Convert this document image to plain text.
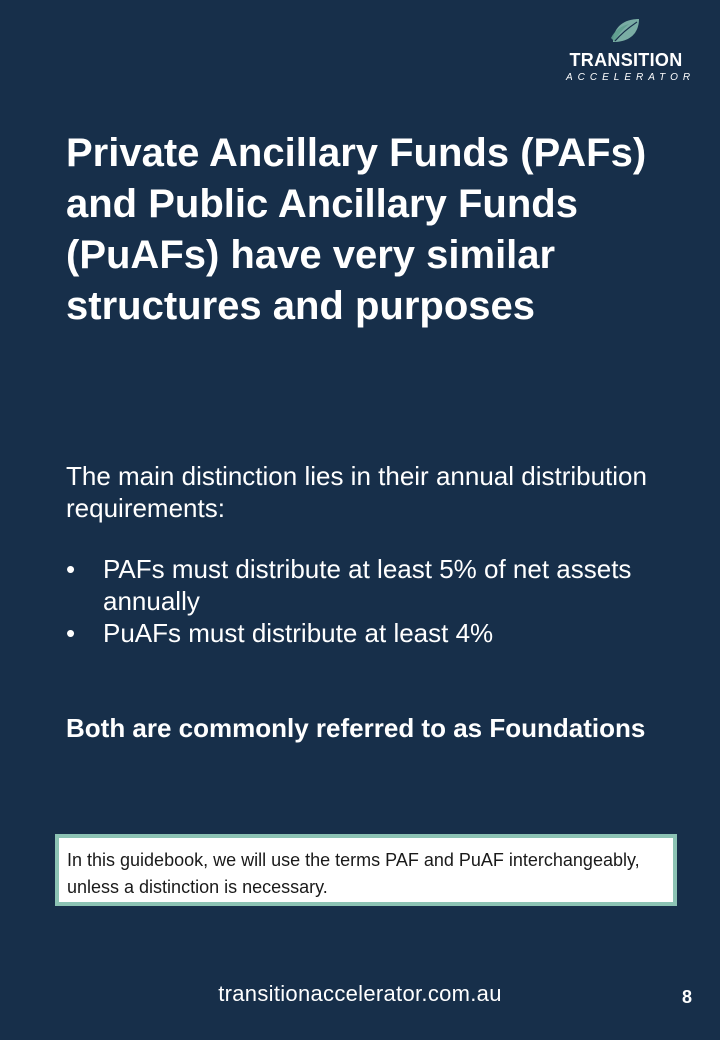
TRANSITION
ACCELERATOR
Private Ancillary Funds (PAFs) and Public Ancillary Funds (PuAFs) have very similar structures and purposes

The main distinction lies in their annual distribution requirements:

•	PAFs must distribute at least 5% of net assets annually
•	PuAFs must distribute at least 4%

Both are commonly referred to as Foundations

In this guidebook, we will use the terms PAF and PuAF interchangeably, unless a distinction is necessary.
transitionaccelerator.com.au	8
